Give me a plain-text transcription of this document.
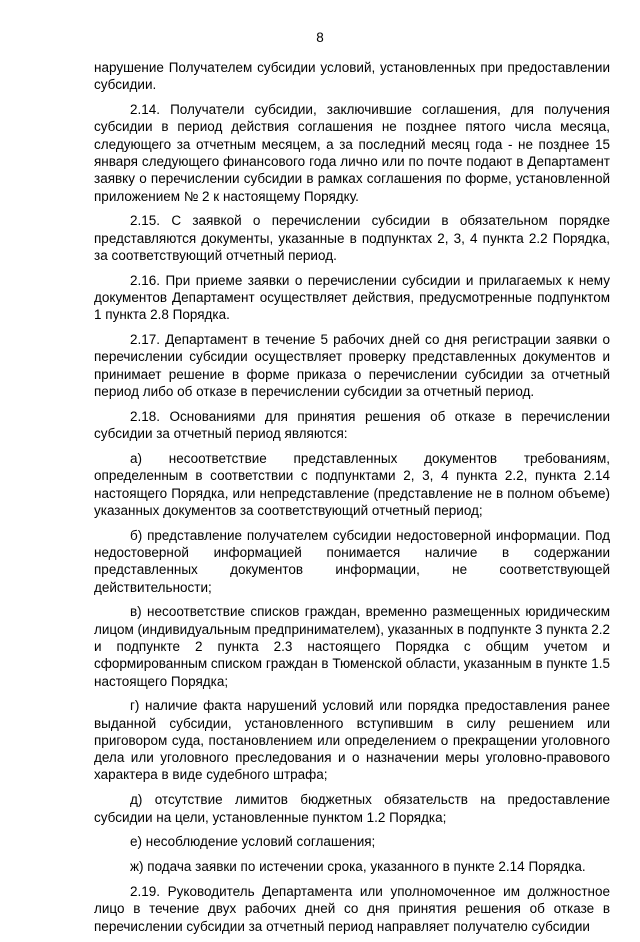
8

нарушение Получателем субсидии условий, установленных при предоставлении субсидии.

2.14. Получатели субсидии, заключившие соглашения, для получения субсидии в период действия соглашения не позднее пятого числа месяца, следующего за отчетным месяцем, а за последний месяц года - не позднее 15 января следующего финансового года лично или по почте подают в Департамент заявку о перечислении субсидии в рамках соглашения по форме, установленной приложением № 2 к настоящему Порядку.

2.15. С заявкой о перечислении субсидии в обязательном порядке представляются документы, указанные в подпунктах 2, 3, 4 пункта 2.2 Порядка, за соответствующий отчетный период.

2.16. При приеме заявки о перечислении субсидии и прилагаемых к нему документов Департамент осуществляет действия, предусмотренные подпунктом 1 пункта 2.8 Порядка.

2.17. Департамент в течение 5 рабочих дней со дня регистрации заявки о перечислении субсидии осуществляет проверку представленных документов и принимает решение в форме приказа о перечислении субсидии за отчетный период либо об отказе в перечислении субсидии за отчетный период.

2.18. Основаниями для принятия решения об отказе в перечислении субсидии за отчетный период являются:

а) несоответствие представленных документов требованиям, определенным в соответствии с подпунктами 2, 3, 4 пункта 2.2, пункта 2.14 настоящего Порядка, или непредставление (представление не в полном объеме) указанных документов за соответствующий отчетный период;

б) представление получателем субсидии недостоверной информации. Под недостоверной информацией понимается наличие в содержании представленных документов информации, не соответствующей действительности;

в) несоответствие списков граждан, временно размещенных юридическим лицом (индивидуальным предпринимателем), указанных в подпункте 3 пункта 2.2 и подпункте 2 пункта 2.3 настоящего Порядка с общим учетом и сформированным списком граждан в Тюменской области, указанным в пункте 1.5 настоящего Порядка;

г) наличие факта нарушений условий или порядка предоставления ранее выданной субсидии, установленного вступившим в силу решением или приговором суда, постановлением или определением о прекращении уголовного дела или уголовного преследования и о назначении меры уголовно-правового характера в виде судебного штрафа;

д) отсутствие лимитов бюджетных обязательств на предоставление субсидии на цели, установленные пунктом 1.2 Порядка;

е) несоблюдение условий соглашения;

ж) подача заявки по истечении срока, указанного в пункте 2.14 Порядка.

2.19. Руководитель Департамента или уполномоченное им должностное лицо в течение двух рабочих дней со дня принятия решения об отказе в перечислении субсидии за отчетный период направляет получателю субсидии
